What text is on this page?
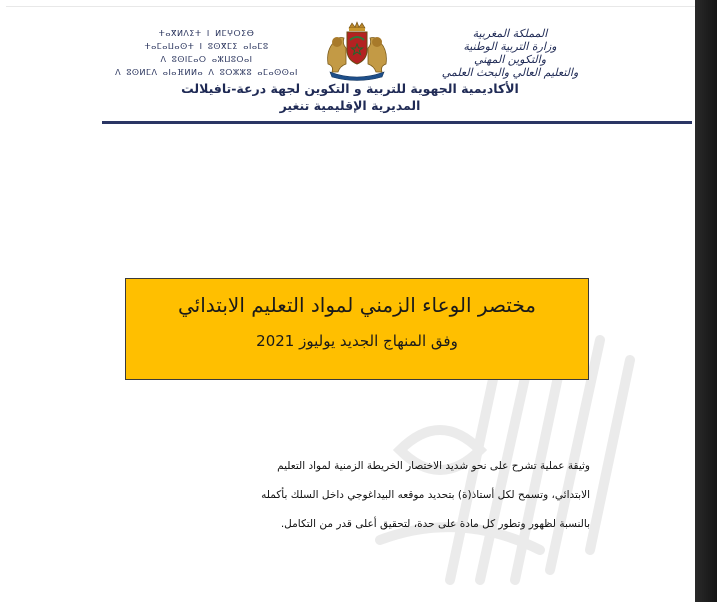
ⵜⴰⴳⵍⴷⵉⵜ ⵏ ⵍⵎⵖⵔⵉⴱ
ⵜⴰⵎⴰⵡⴰⵙⵜ ⵏ ⵓⵙⴳⵎⵉ ⴰⵏⴰⵎⵓ
ⴷ ⵓⵙⵏⵎⴰⵔ ⴰⵣⵡⵓⵔⴰⵏ
ⴷ ⵓⵙⵍⵎⴷ ⴰⵏⴰⴼⵍⵍⴰ ⴷ ⵓⵔⵣⵣⵓ ⴰⵎⴰⵙⵙⴰⵏ
المملكة المغربية
وزارة التربية الوطنية
والتكوين المهني
والتعليم العالي والبحث العلمي
الأكاديمية الجهوية للتربية و التكوين لجهة درعة-تافيلالت
المديرية الإقليمية تنغير
مختصر الوعاء الزمني لمواد التعليم الابتدائي
وفق المنهاج الجديد يوليوز 2021
وثيقة عملية تشرح على نحو شديد الاختصار الخريطة الزمنية لمواد التعليم
الابتدائي، وتسمح لكل أستاذ(ة) بتحديد موقعه البيداغوجي داخل السلك بأكمله
بالنسبة لظهور وتطور كل مادة على حدة، لتحقيق أعلى قدر من التكامل.
